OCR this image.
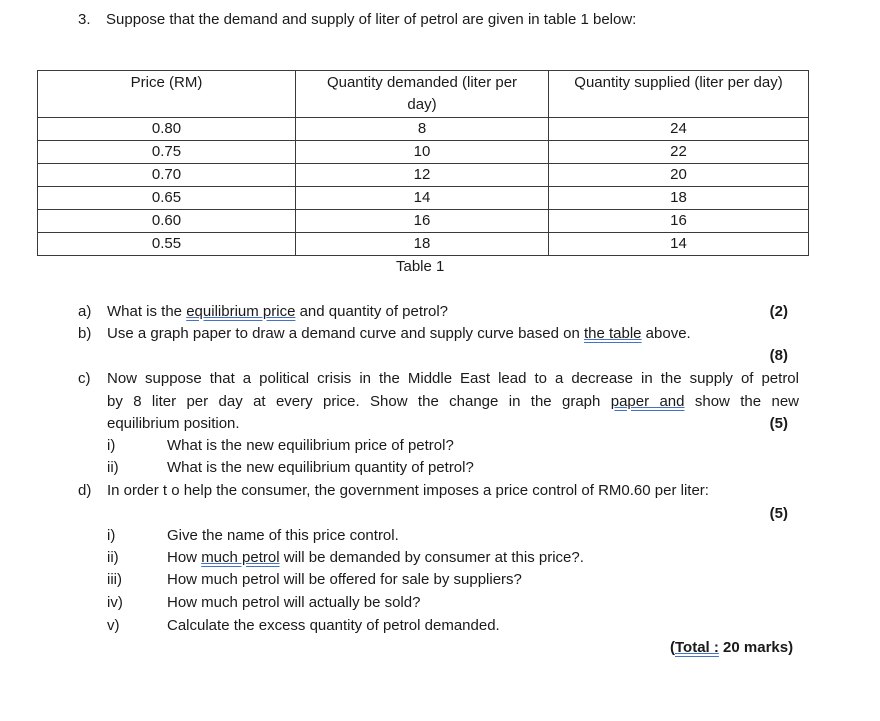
3. Suppose that the demand and supply of liter of petrol are given in table 1 below:
Price (RM)	Quantity demanded (liter per day)	Quantity supplied (liter per day)
0.80	8	24
0.75	10	22
0.70	12	20
0.65	14	18
0.60	16	16
0.55	18	14
Table 1
a) What is the equilibrium price and quantity of petrol?	(2)
b) Use a graph paper to draw a demand curve and supply curve based on the table above.
(8)
c) Now suppose that a political crisis in the Middle East lead to a decrease in the supply of petrol
by 8 liter per day at every price. Show the change in the graph paper and show the new
equilibrium position.	(5)
i)	What is the new equilibrium price of petrol?
ii)	What is the new equilibrium quantity of petrol?
d) In order t o help the consumer, the government imposes a price control of RM0.60 per liter:
(5)
i)	Give the name of this price control.
ii)	How much petrol will be demanded by consumer at this price?.
iii)	How much petrol will be offered for sale by suppliers?
iv)	How much petrol will actually be sold?
v)	Calculate the excess quantity of petrol demanded.
(Total : 20 marks)
